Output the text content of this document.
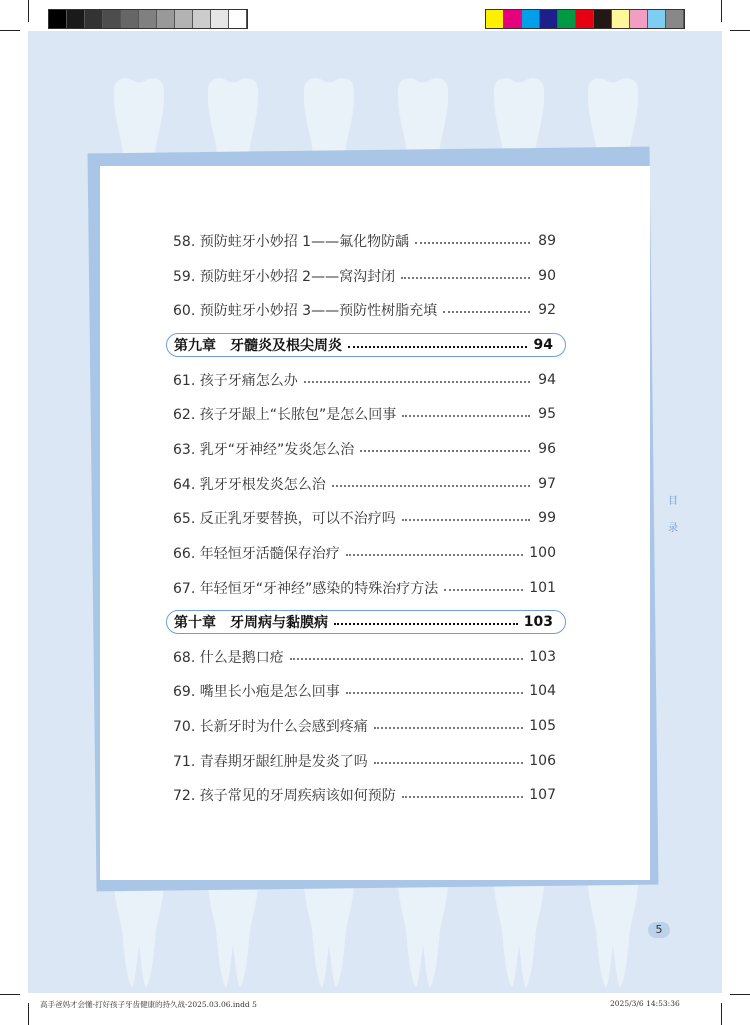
58. 预防蛀牙小妙招 1——氟化物防龋	89
59. 预防蛀牙小妙招 2——窝沟封闭	90
60. 预防蛀牙小妙招 3——预防性树脂充填	92
第九章　牙髓炎及根尖周炎	94
61. 孩子牙痛怎么办	94
62. 孩子牙龈上“长脓包”是怎么回事	95
63. 乳牙“牙神经”发炎怎么治	96
64. 乳牙牙根发炎怎么治	97
65. 反正乳牙要替换，可以不治疗吗	99
66. 年轻恒牙活髓保存治疗	100
67. 年轻恒牙“牙神经”感染的特殊治疗方法	101
第十章　牙周病与黏膜病	103
68. 什么是鹅口疮	103
69. 嘴里长小疱是怎么回事	104
70. 长新牙时为什么会感到疼痛	105
71. 青春期牙龈红肿是发炎了吗	106
72. 孩子常见的牙周疾病该如何预防	107
目
录
5
高手爸妈才会懂-打好孩子牙齿健康的持久战-2025.03.06.indd 5	2025/3/6 14:53:36
